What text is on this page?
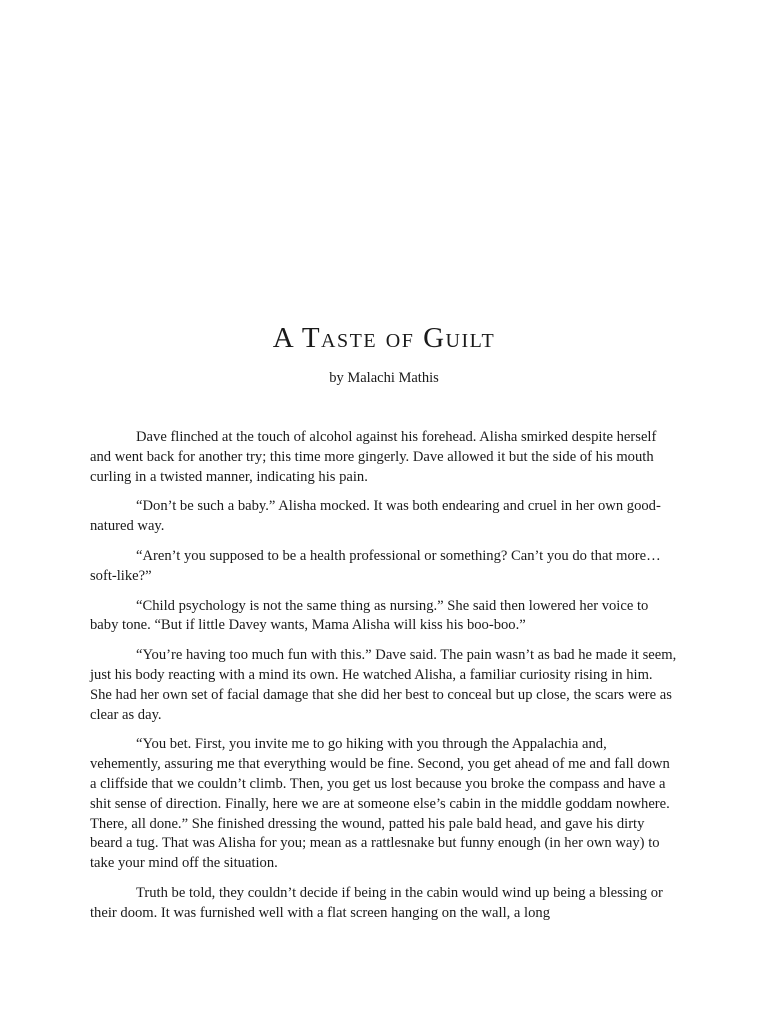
A Taste of Guilt
by Malachi Mathis

Dave flinched at the touch of alcohol against his forehead. Alisha smirked despite herself and went back for another try; this time more gingerly. Dave allowed it but the side of his mouth curling in a twisted manner, indicating his pain.

“Don’t be such a baby.” Alisha mocked. It was both endearing and cruel in her own good-natured way.

“Aren’t you supposed to be a health professional or something? Can’t you do that more…soft-like?”

“Child psychology is not the same thing as nursing.” She said then lowered her voice to baby tone. “But if little Davey wants, Mama Alisha will kiss his boo-boo.”

“You’re having too much fun with this.” Dave said. The pain wasn’t as bad he made it seem, just his body reacting with a mind its own. He watched Alisha, a familiar curiosity rising in him. She had her own set of facial damage that she did her best to conceal but up close, the scars were as clear as day.

“You bet. First, you invite me to go hiking with you through the Appalachia and, vehemently, assuring me that everything would be fine. Second, you get ahead of me and fall down a cliffside that we couldn’t climb. Then, you get us lost because you broke the compass and have a shit sense of direction. Finally, here we are at someone else’s cabin in the middle goddam nowhere. There, all done.” She finished dressing the wound, patted his pale bald head, and gave his dirty beard a tug. That was Alisha for you; mean as a rattlesnake but funny enough (in her own way) to take your mind off the situation.

Truth be told, they couldn’t decide if being in the cabin would wind up being a blessing or their doom. It was furnished well with a flat screen hanging on the wall, a long
